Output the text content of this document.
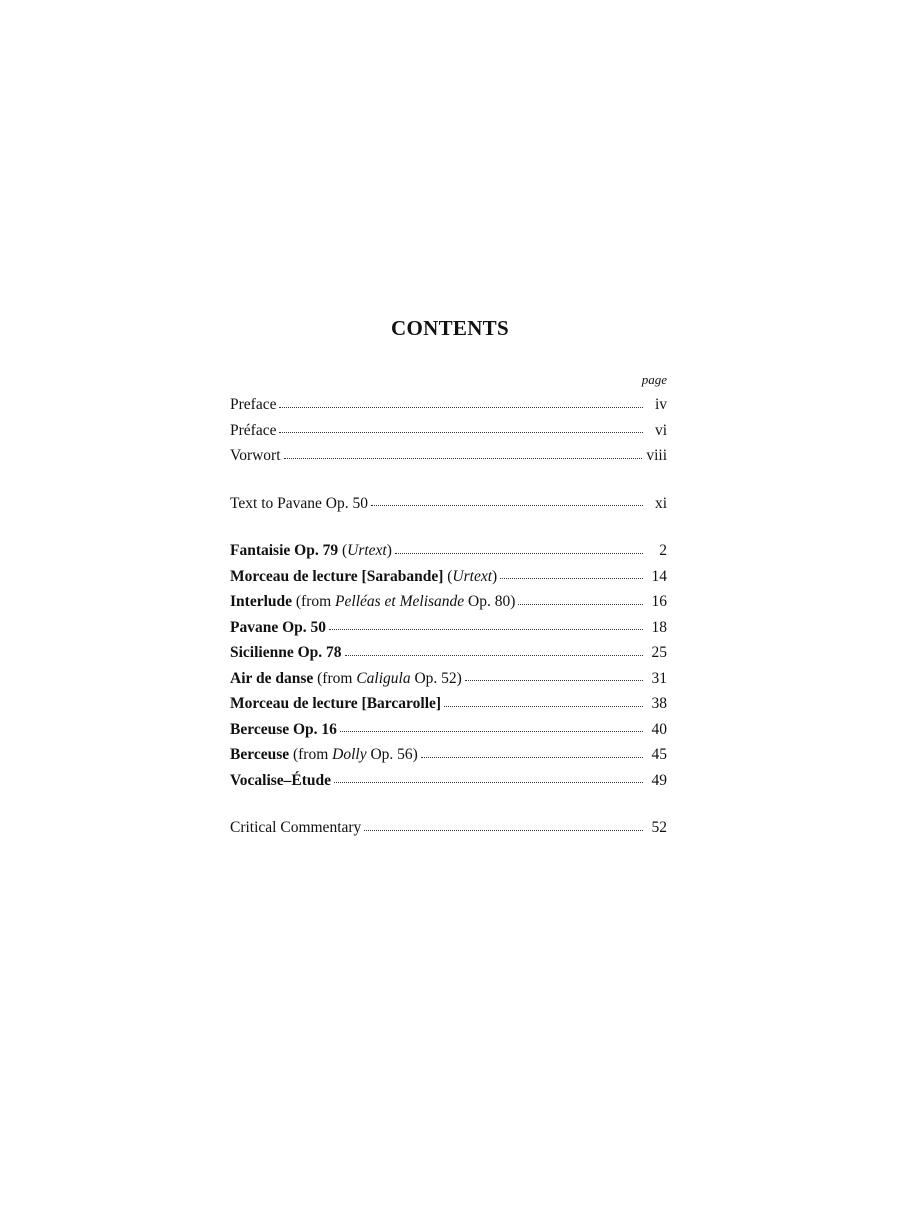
CONTENTS
page
Preface	iv
Préface	vi
Vorwort	viii
Text to Pavane Op. 50	xi
Fantaisie Op. 79 (Urtext)	2
Morceau de lecture [Sarabande] (Urtext)	14
Interlude (from Pelléas et Melisande Op. 80)	16
Pavane Op. 50	18
Sicilienne Op. 78	25
Air de danse (from Caligula Op. 52)	31
Morceau de lecture [Barcarolle]	38
Berceuse Op. 16	40
Berceuse (from Dolly Op. 56)	45
Vocalise–Étude	49
Critical Commentary	52
